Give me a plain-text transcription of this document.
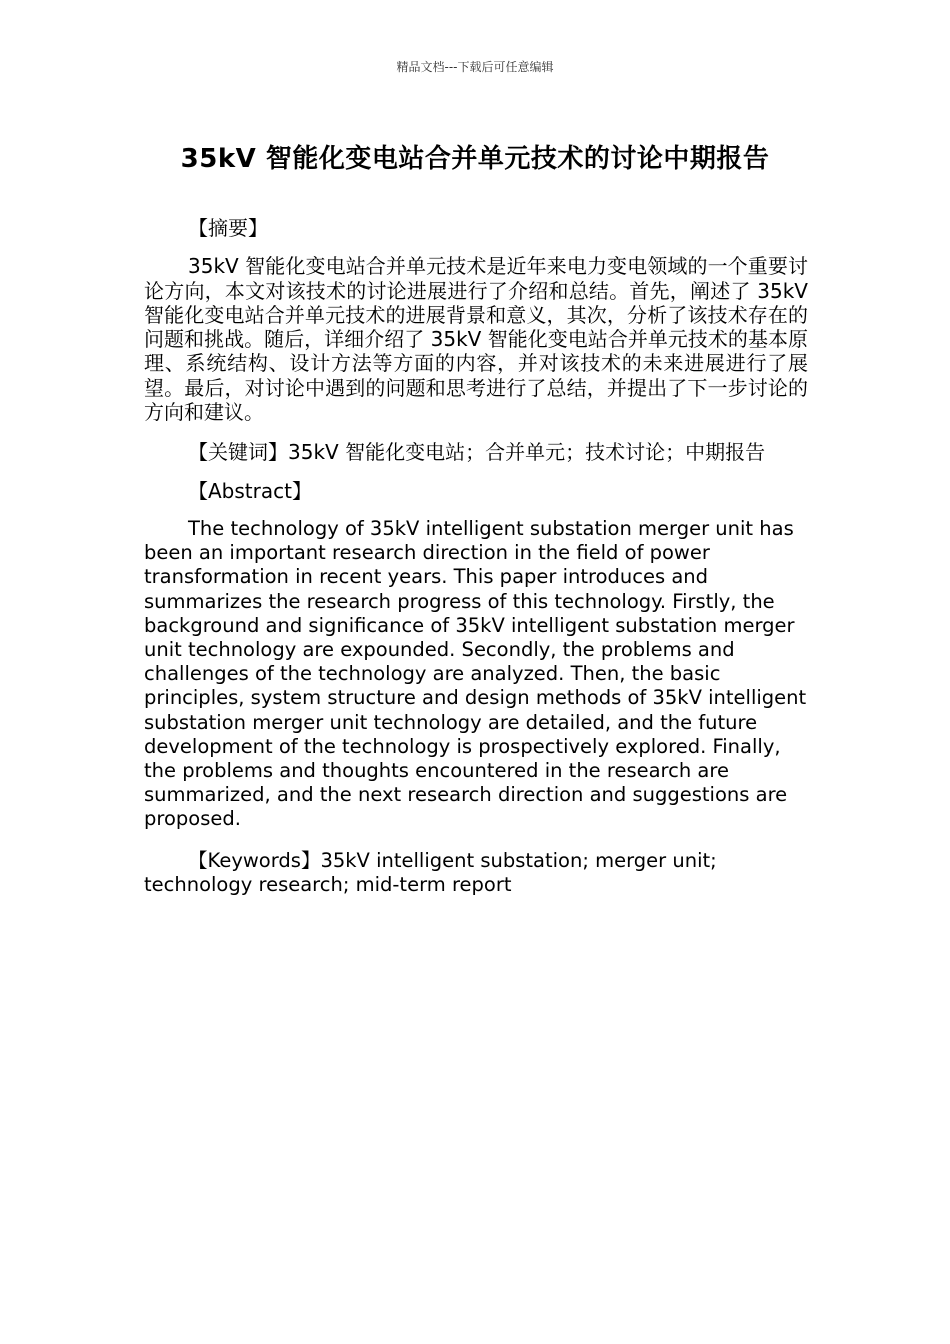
精品文档---下载后可任意编辑
35kV 智能化变电站合并单元技术的讨论中期报告

【摘要】

35kV 智能化变电站合并单元技术是近年来电力变电领域的一个重要讨论方向，本文对该技术的讨论进展进行了介绍和总结。首先，阐述了 35kV 智能化变电站合并单元技术的进展背景和意义，其次，分析了该技术存在的问题和挑战。随后，详细介绍了 35kV 智能化变电站合并单元技术的基本原理、系统结构、设计方法等方面的内容，并对该技术的未来进展进行了展望。最后，对讨论中遇到的问题和思考进行了总结，并提出了下一步讨论的方向和建议。

【关键词】35kV 智能化变电站；合并单元；技术讨论；中期报告

【Abstract】

The technology of 35kV intelligent substation merger unit has been an important research direction in the field of power transformation in recent years. This paper introduces and summarizes the research progress of this technology. Firstly, the background and significance of 35kV intelligent substation merger unit technology are expounded. Secondly, the problems and challenges of the technology are analyzed. Then, the basic principles, system structure and design methods of 35kV intelligent substation merger unit technology are detailed, and the future development of the technology is prospectively explored. Finally, the problems and thoughts encountered in the research are summarized, and the next research direction and suggestions are proposed.

【Keywords】35kV intelligent substation; merger unit; technology research; mid-term report
